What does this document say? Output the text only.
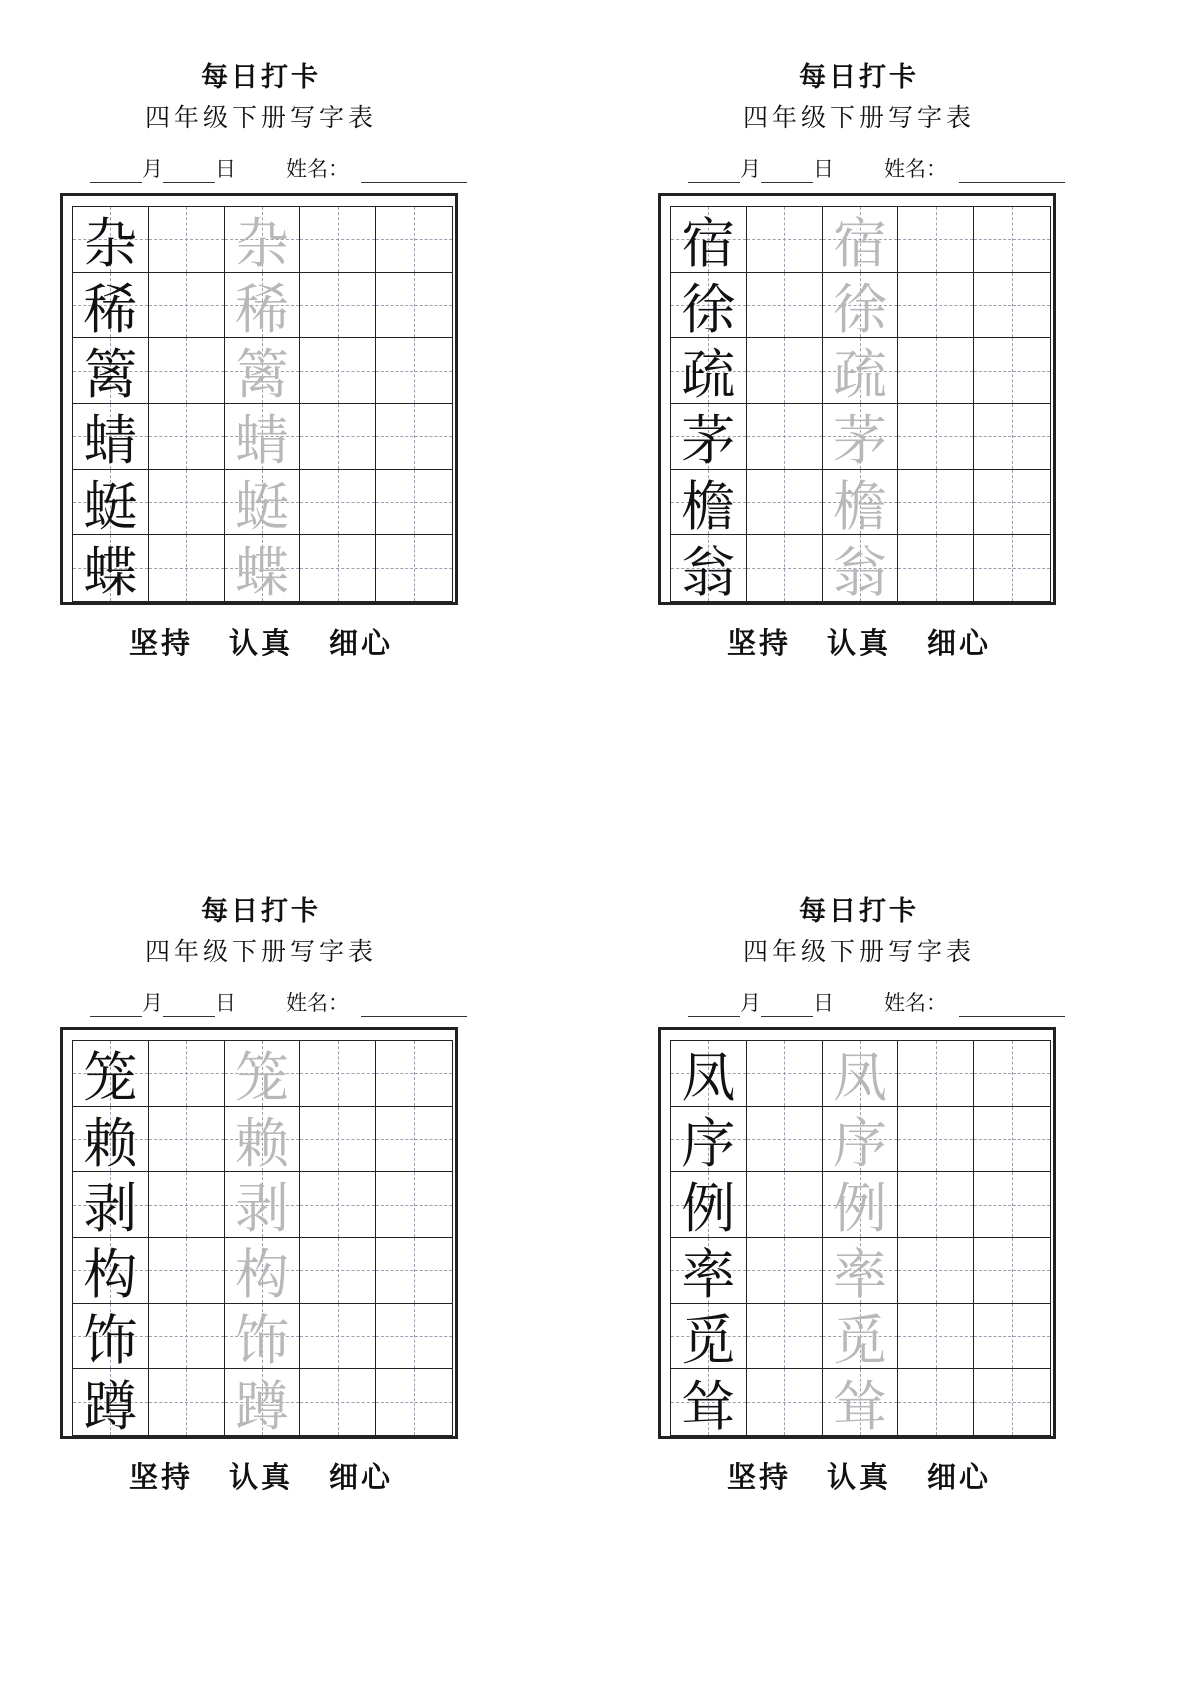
每日打卡
四年级下册写字表
月 日 姓名：
杂 杂
稀 稀
篱 篱
蜻 蜻
蜓 蜓
蝶 蝶
坚持 认真 细心
每日打卡
四年级下册写字表
月 日 姓名：
宿 宿
徐 徐
疏 疏
茅 茅
檐 檐
翁 翁
坚持 认真 细心
每日打卡
四年级下册写字表
月 日 姓名：
笼 笼
赖 赖
剥 剥
构 构
饰 饰
蹲 蹲
坚持 认真 细心
每日打卡
四年级下册写字表
月 日 姓名：
凤 凤
序 序
例 例
率 率
觅 觅
耸 耸
坚持 认真 细心
